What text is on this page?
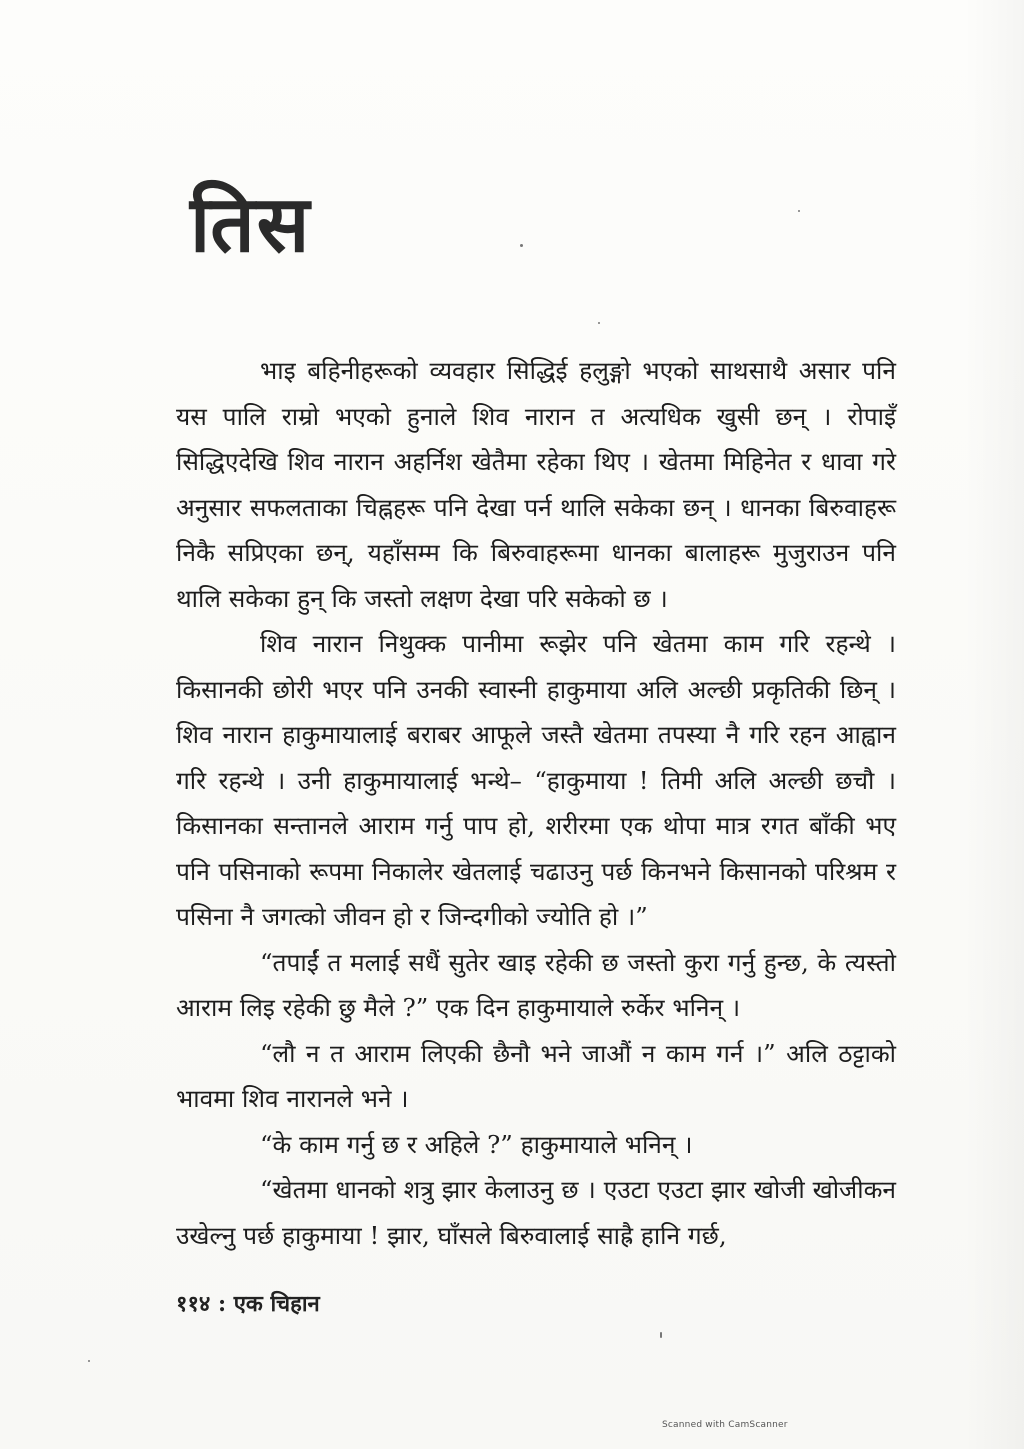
तिस

भाइ बहिनीहरूको व्यवहार सिद्धिई हलुङ्गो भएको साथसाथै असार पनि यस पालि राम्रो भएको हुनाले शिव नारान त अत्यधिक खुसी छन् । रोपाइँ सिद्धिएदेखि शिव नारान अहर्निश खेतैमा रहेका थिए । खेतमा मिहिनेत र धावा गरे अनुसार सफलताका चिह्नहरू पनि देखा पर्न थालि सकेका छन् । धानका बिरुवाहरू निकै सप्रिएका छन्, यहाँसम्म कि बिरुवाहरूमा धानका बालाहरू मुजुराउन पनि थालि सकेका हुन् कि जस्तो लक्षण देखा परि सकेको छ ।

शिव नारान निथुक्क पानीमा रूझेर पनि खेतमा काम गरि रहन्थे । किसानकी छोरी भएर पनि उनकी स्वास्नी हाकुमाया अलि अल्छी प्रकृतिकी छिन् । शिव नारान हाकुमायालाई बराबर आफूले जस्तै खेतमा तपस्या नै गरि रहन आह्वान गरि रहन्थे । उनी हाकुमायालाई भन्थे– “हाकुमाया ! तिमी अलि अल्छी छचौ । किसानका सन्तानले आराम गर्नु पाप हो, शरीरमा एक थोपा मात्र रगत बाँकी भए पनि पसिनाको रूपमा निकालेर खेतलाई चढाउनु पर्छ किनभने किसानको परिश्रम र पसिना नै जगत्को जीवन हो र जिन्दगीको ज्योति हो ।”

“तपाईं त मलाई सधैं सुतेर खाइ रहेकी छ जस्तो कुरा गर्नु हुन्छ, के त्यस्तो आराम लिइ रहेकी छु मैले ?” एक दिन हाकुमायाले रुर्केर भनिन् ।

“लौ न त आराम लिएकी छैनौ भने जाऔं न काम गर्न ।” अलि ठट्टाको भावमा शिव नारानले भने ।

“के काम गर्नु छ र अहिले ?” हाकुमायाले भनिन् ।

“खेतमा धानको शत्रु झार केलाउनु छ । एउटा एउटा झार खोजी खोजीकन उखेल्नु पर्छ हाकुमाया ! झार, घाँसले बिरुवालाई साह्रै हानि गर्छ,

११४ : एक चिहान
Scanned with CamScanner
